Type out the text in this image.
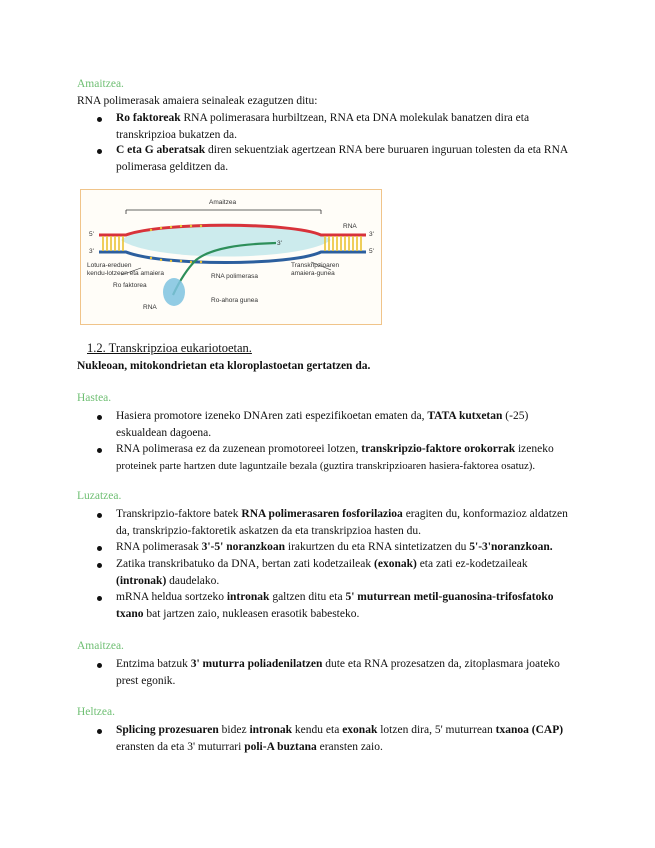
Amaitzea.
RNA polimerasak amaiera seinaleak ezagutzen ditu:
Ro faktoreak RNA polimerasara hurbiltzean, RNA eta DNA molekulak banatzen dira eta
transkripzioa bukatzen da.
C eta G aberatsak diren sekuentziak agertzean RNA bere buruaren inguruan tolesten da eta RNA
polimerasa gelditzen da.
Amaitzea
RNA
5'
3'
3'
5'
3'
Lotura-ereduen
kendu-lotzeen eta amaiera	RNA polimerasa
Transkripzioaren
amaiera-gunea
Ro faktorea
Ro-ahora gunea
RNA
1.2. Transkripzioa eukariotoetan.
Nukleoan, mitokondrietan eta kloroplastoetan gertatzen da.
Hastea.
Hasiera promotore izeneko DNAren zati espezifikoetan ematen da, TATA kutxetan (-25)
eskualdean dagoena.
RNA polimerasa ez da zuzenean promotoreei lotzen, transkripzio-faktore orokorrak izeneko
proteinek parte hartzen dute laguntzaile bezala (guztira transkripzioaren hasiera-faktorea osatuz).
Luzatzea.
Transkripzio-faktore batek RNA polimerasaren fosforilazioa eragiten du, konformazioz aldatzen
da, transkripzio-faktoretik askatzen da eta transkripzioa hasten du.
RNA polimerasak 3'-5' noranzkoan irakurtzen du eta RNA sintetizatzen du 5'-3'noranzkoan.
Zatika transkribatuko da DNA, bertan zati kodetzaileak (exonak) eta zati ez-kodetzaileak
(intronak) daudelako.
mRNA heldua sortzeko intronak galtzen ditu eta 5' muturrean metil-guanosina-trifosfatoko
txano bat jartzen zaio, nukleasen erasotik babesteko.
Amaitzea.
Entzima batzuk 3' muturra poliadenilatzen dute eta RNA prozesatzen da, zitoplasmara joateko
prest egonik.
Heltzea.
Splicing prozesuaren bidez intronak kendu eta exonak lotzen dira, 5' muturrean txanoa (CAP)
eransten da eta 3' muturrari poli-A buztana eransten zaio.
